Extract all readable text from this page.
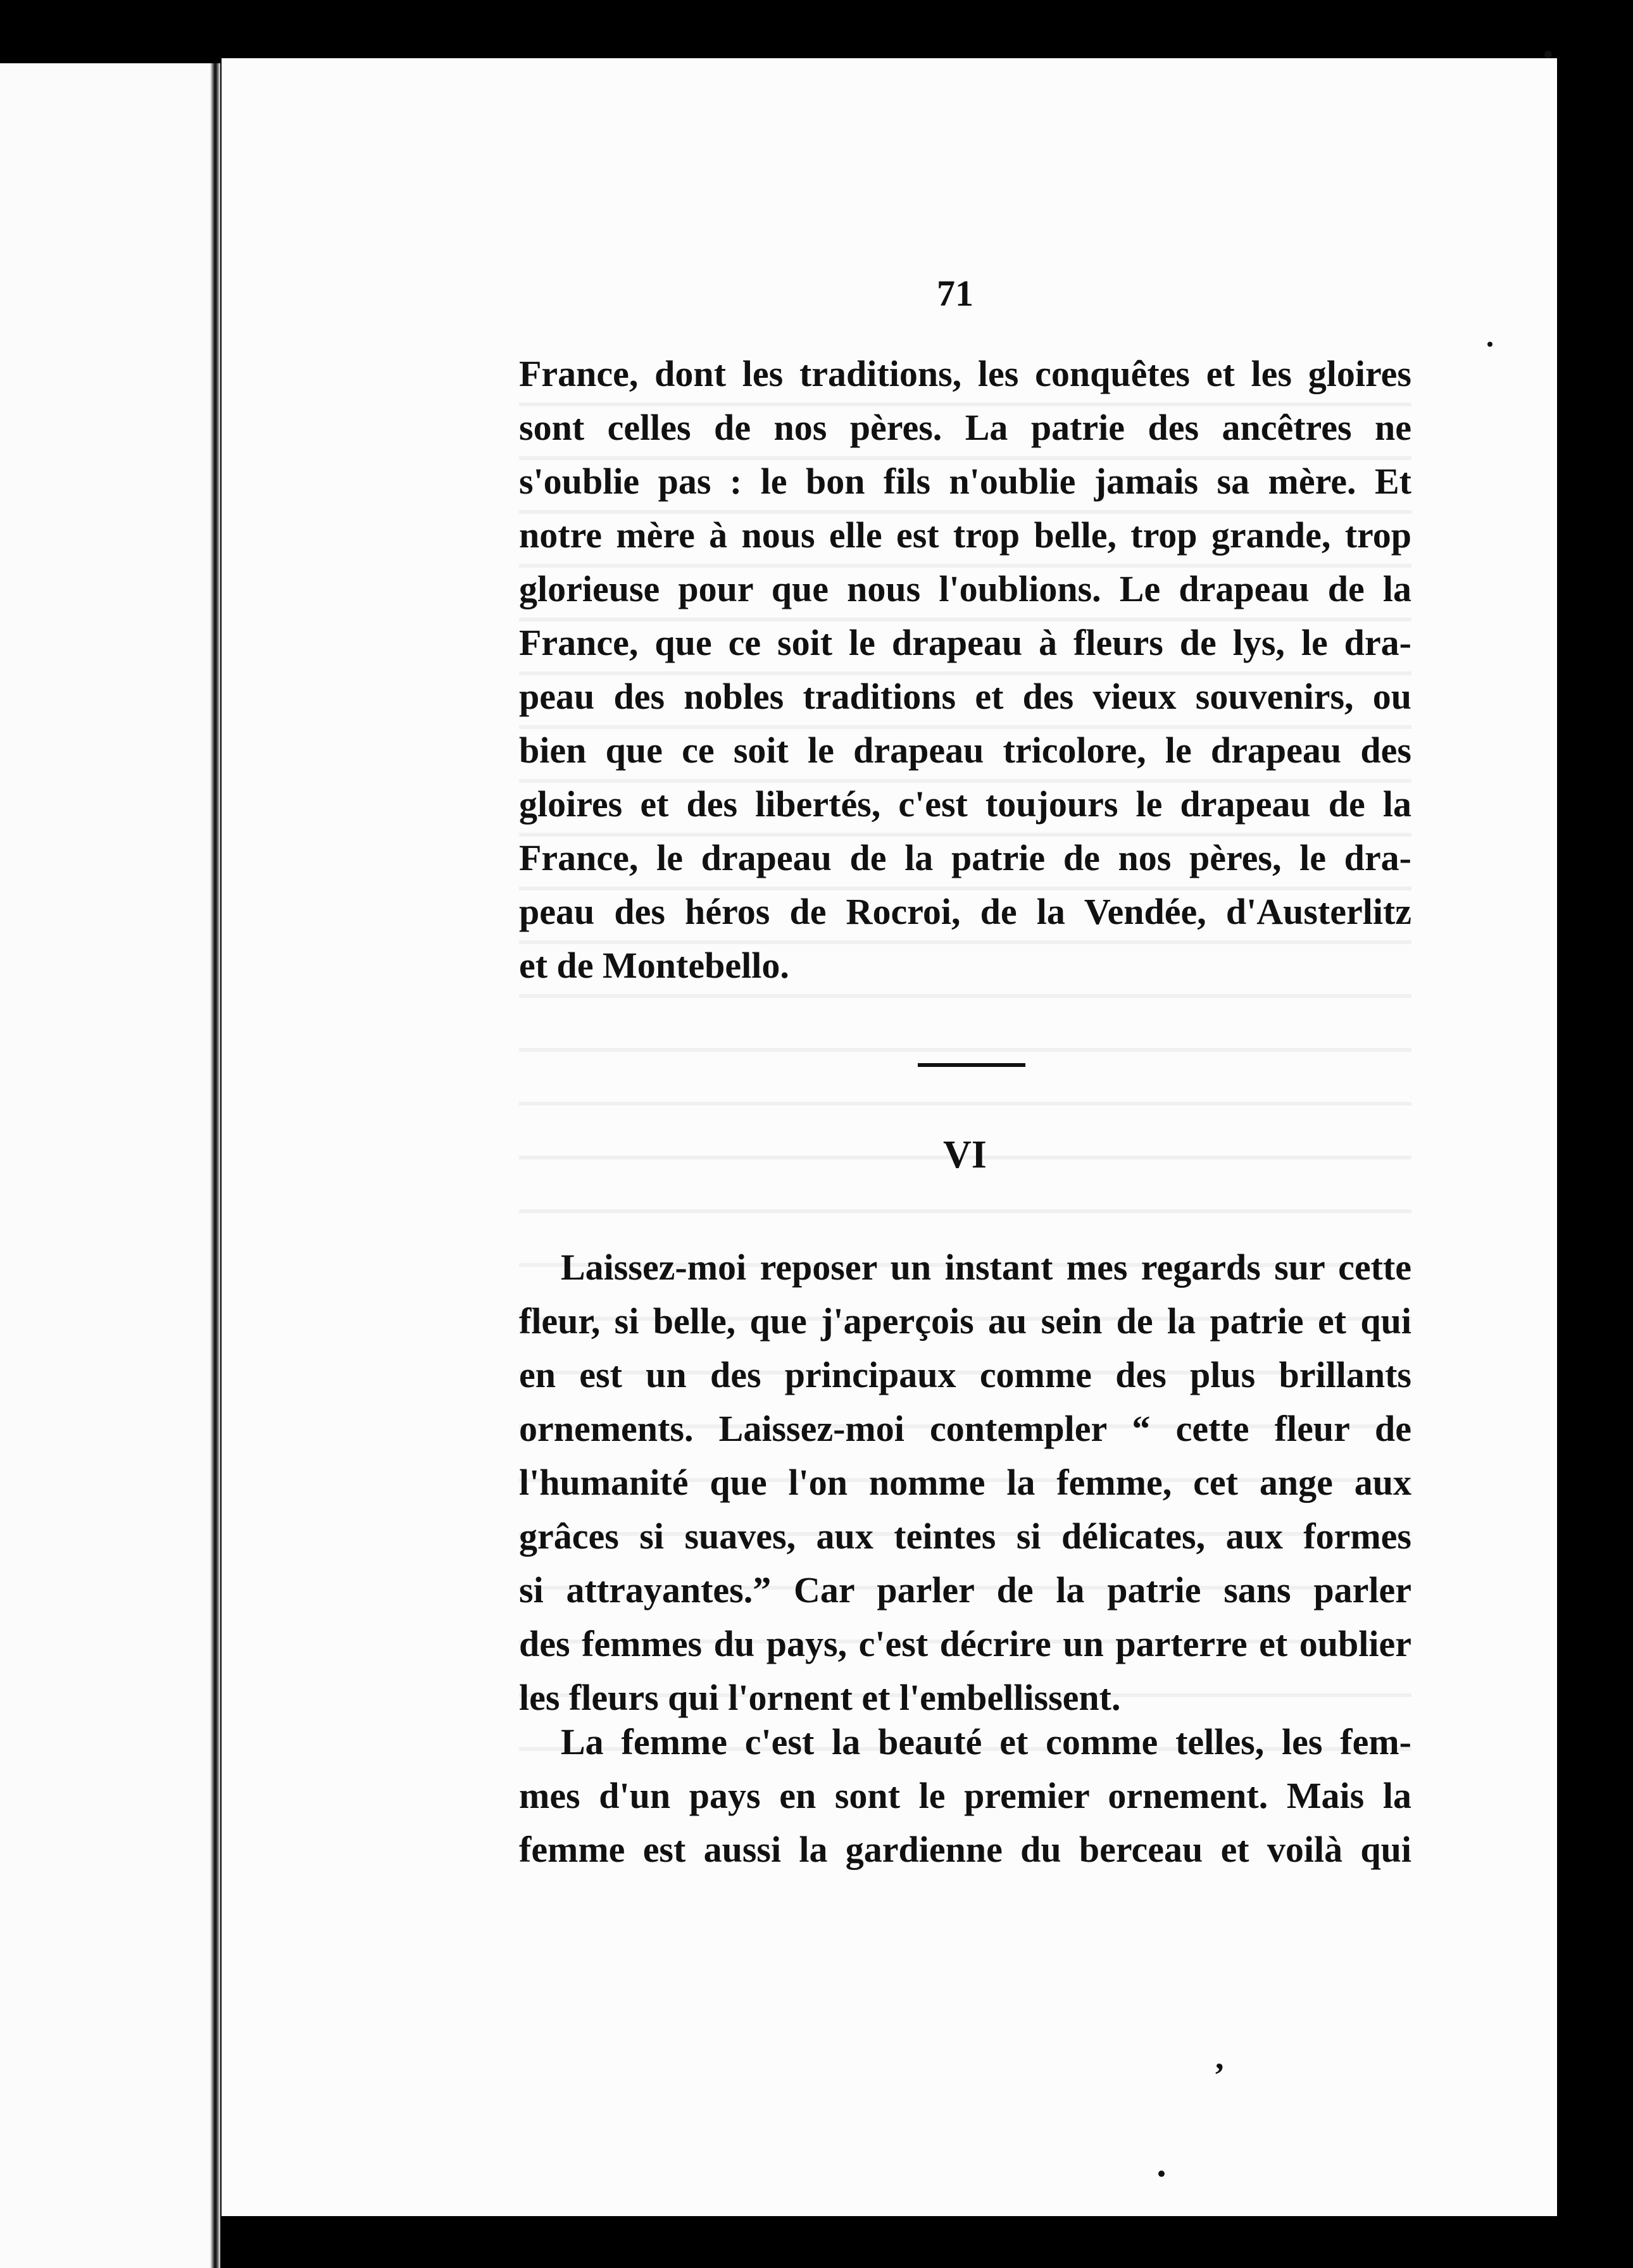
71
France, dont les traditions, les conquêtes et les gloires
sont celles de nos pères. La patrie des ancêtres ne
s'oublie pas : le bon fils n'oublie jamais sa mère. Et
notre mère à nous elle est trop belle, trop grande, trop
glorieuse pour que nous l'oublions. Le drapeau de la
France, que ce soit le drapeau à fleurs de lys, le dra-
peau des nobles traditions et des vieux souvenirs, ou
bien que ce soit le drapeau tricolore, le drapeau des
gloires et des libertés, c'est toujours le drapeau de la
France, le drapeau de la patrie de nos pères, le dra-
peau des héros de Rocroi, de la Vendée, d'Austerlitz
et de Montebello.
VI
Laissez-moi reposer un instant mes regards sur cette
fleur, si belle, que j'aperçois au sein de la patrie et qui
en est un des principaux comme des plus brillants
ornements. Laissez-moi contempler “ cette fleur de
l'humanité que l'on nomme la femme, cet ange aux
grâces si suaves, aux teintes si délicates, aux formes
si attrayantes.” Car parler de la patrie sans parler
des femmes du pays, c'est décrire un parterre et oublier
les fleurs qui l'ornent et l'embellissent.
La femme c'est la beauté et comme telles, les fem-
mes d'un pays en sont le premier ornement. Mais la
femme est aussi la gardienne du berceau et voilà qui
,
